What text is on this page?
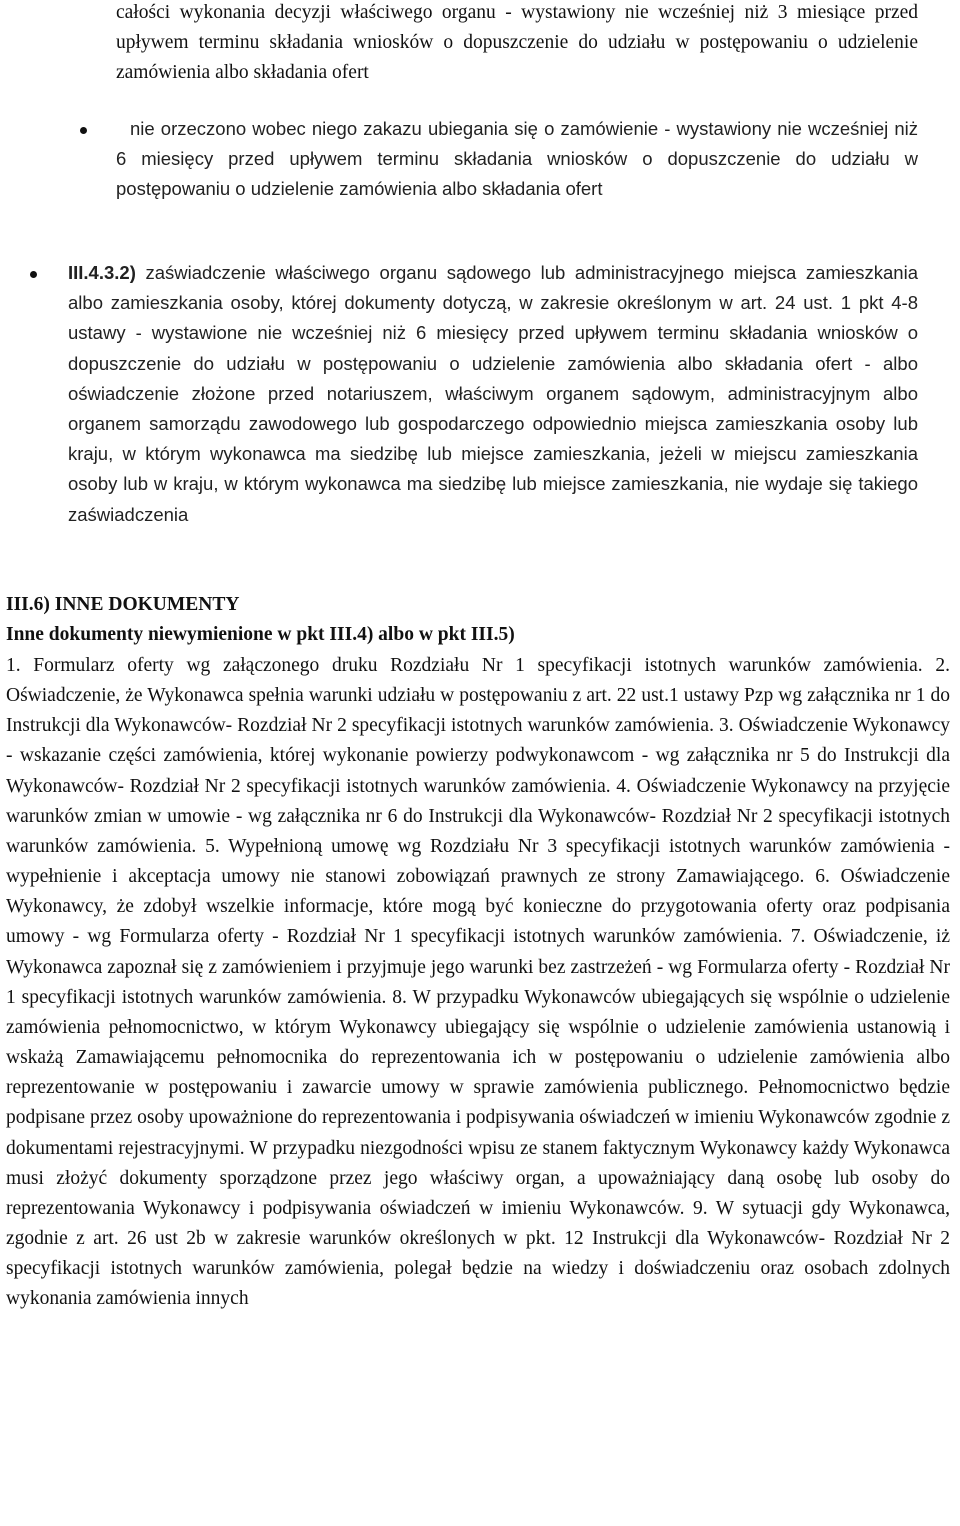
całości wykonania decyzji właściwego organu - wystawiony nie wcześniej niż 3 miesiące przed upływem terminu składania wniosków o dopuszczenie do udziału w postępowaniu o udzielenie zamówienia albo składania ofert
nie orzeczono wobec niego zakazu ubiegania się o zamówienie - wystawiony nie wcześniej niż 6 miesięcy przed upływem terminu składania wniosków o dopuszczenie do udziału w postępowaniu o udzielenie zamówienia albo składania ofert
III.4.3.2) zaświadczenie właściwego organu sądowego lub administracyjnego miejsca zamieszkania albo zamieszkania osoby, której dokumenty dotyczą, w zakresie określonym w art. 24 ust. 1 pkt 4-8 ustawy - wystawione nie wcześniej niż 6 miesięcy przed upływem terminu składania wniosków o dopuszczenie do udziału w postępowaniu o udzielenie zamówienia albo składania ofert - albo oświadczenie złożone przed notariuszem, właściwym organem sądowym, administracyjnym albo organem samorządu zawodowego lub gospodarczego odpowiednio miejsca zamieszkania osoby lub kraju, w którym wykonawca ma siedzibę lub miejsce zamieszkania, jeżeli w miejscu zamieszkania osoby lub w kraju, w którym wykonawca ma siedzibę lub miejsce zamieszkania, nie wydaje się takiego zaświadczenia
III.6) INNE DOKUMENTY
Inne dokumenty niewymienione w pkt III.4) albo w pkt III.5)
1. Formularz oferty wg załączonego druku Rozdziału Nr 1 specyfikacji istotnych warunków zamówienia. 2. Oświadczenie, że Wykonawca spełnia warunki udziału w postępowaniu z art. 22 ust.1 ustawy Pzp wg załącznika nr 1 do Instrukcji dla Wykonawców- Rozdział Nr 2 specyfikacji istotnych warunków zamówienia. 3. Oświadczenie Wykonawcy - wskazanie części zamówienia, której wykonanie powierzy podwykonawcom - wg załącznika nr 5 do Instrukcji dla Wykonawców- Rozdział Nr 2 specyfikacji istotnych warunków zamówienia. 4. Oświadczenie Wykonawcy na przyjęcie warunków zmian w umowie - wg załącznika nr 6 do Instrukcji dla Wykonawców- Rozdział Nr 2 specyfikacji istotnych warunków zamówienia. 5. Wypełnioną umowę wg Rozdziału Nr 3 specyfikacji istotnych warunków zamówienia - wypełnienie i akceptacja umowy nie stanowi zobowiązań prawnych ze strony Zamawiającego. 6. Oświadczenie Wykonawcy, że zdobył wszelkie informacje, które mogą być konieczne do przygotowania oferty oraz podpisania umowy - wg Formularza oferty - Rozdział Nr 1 specyfikacji istotnych warunków zamówienia. 7. Oświadczenie, iż Wykonawca zapoznał się z zamówieniem i przyjmuje jego warunki bez zastrzeżeń - wg Formularza oferty - Rozdział Nr 1 specyfikacji istotnych warunków zamówienia. 8. W przypadku Wykonawców ubiegających się wspólnie o udzielenie zamówienia pełnomocnictwo, w którym Wykonawcy ubiegający się wspólnie o udzielenie zamówienia ustanowią i wskażą Zamawiającemu pełnomocnika do reprezentowania ich w postępowaniu o udzielenie zamówienia albo reprezentowanie w postępowaniu i zawarcie umowy w sprawie zamówienia publicznego. Pełnomocnictwo będzie podpisane przez osoby upoważnione do reprezentowania i podpisywania oświadczeń w imieniu Wykonawców zgodnie z dokumentami rejestracyjnymi. W przypadku niezgodności wpisu ze stanem faktycznym Wykonawcy każdy Wykonawca musi złożyć dokumenty sporządzone przez jego właściwy organ, a upoważniający daną osobę lub osoby do reprezentowania Wykonawcy i podpisywania oświadczeń w imieniu Wykonawców. 9. W sytuacji gdy Wykonawca, zgodnie z art. 26 ust 2b w zakresie warunków określonych w pkt. 12 Instrukcji dla Wykonawców- Rozdział Nr 2 specyfikacji istotnych warunków zamówienia, polegał będzie na wiedzy i doświadczeniu oraz osobach zdolnych wykonania zamówienia innych
